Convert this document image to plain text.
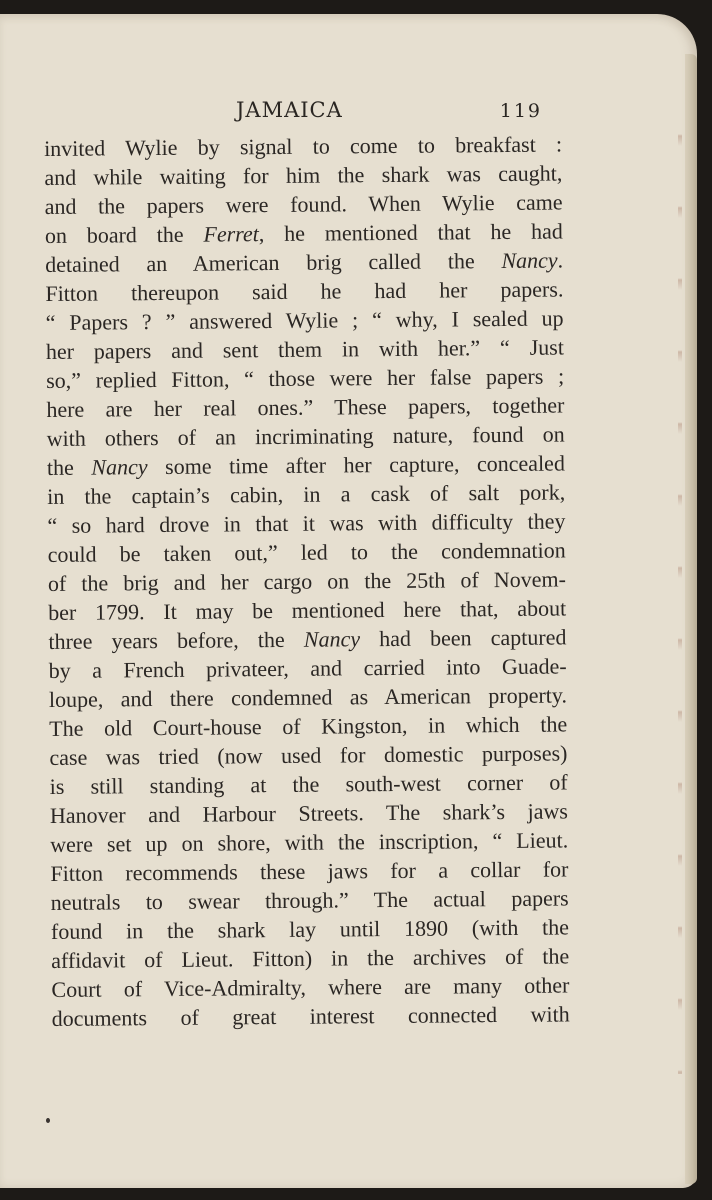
JAMAICA	119
invited Wylie by signal to come to breakfast :
and while waiting for him the shark was caught,
and the papers were found. When Wylie came
on board the Ferret, he mentioned that he had
detained an American brig called the Nancy.
Fitton thereupon said he had her papers.
“ Papers ? ” answered Wylie ; “ why, I sealed up
her papers and sent them in with her.” “ Just
so,” replied Fitton, “ those were her false papers ;
here are her real ones.” These papers, together
with others of an incriminating nature, found on
the Nancy some time after her capture, concealed
in the captain’s cabin, in a cask of salt pork,
“ so hard drove in that it was with difficulty they
could be taken out,” led to the condemnation
of the brig and her cargo on the 25th of Novem-
ber 1799. It may be mentioned here that, about
three years before, the Nancy had been captured
by a French privateer, and carried into Guade-
loupe, and there condemned as American property.
The old Court-house of Kingston, in which the
case was tried (now used for domestic purposes)
is still standing at the south-west corner of
Hanover and Harbour Streets. The shark’s jaws
were set up on shore, with the inscription, “ Lieut.
Fitton recommends these jaws for a collar for
neutrals to swear through.” The actual papers
found in the shark lay until 1890 (with the
affidavit of Lieut. Fitton) in the archives of the
Court of Vice-Admiralty, where are many other
documents of great interest connected with
